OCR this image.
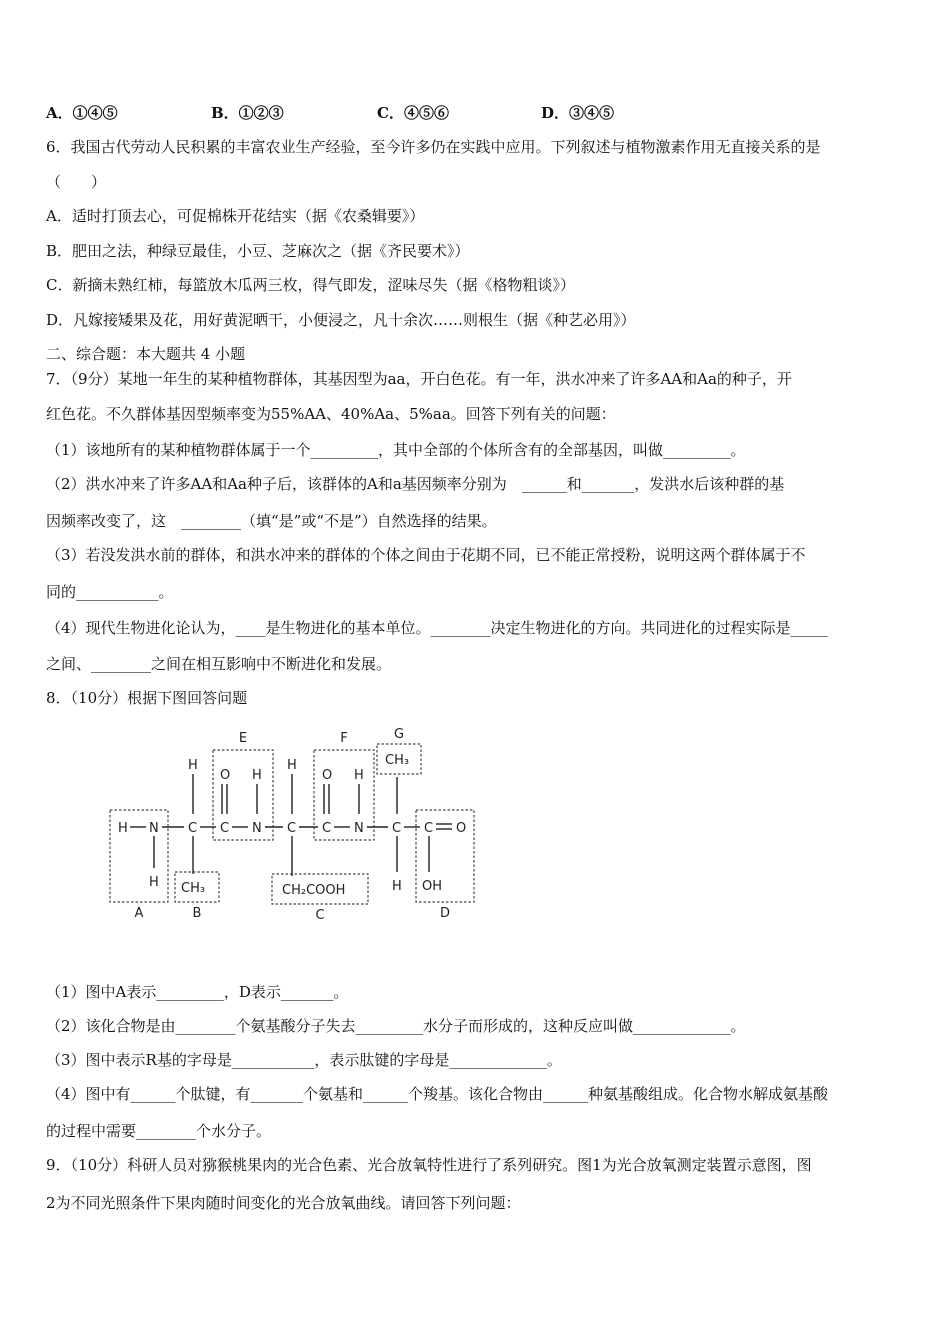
A．①④⑤	B．①②③	C．④⑤⑥	D．③④⑤
6．我国古代劳动人民积累的丰富农业生产经验，至今许多仍在实践中应用。下列叙述与植物激素作用无直接关系的是
（　　）
A．适时打顶去心，可促棉株开花结实（据《农桑辑要》）
B．肥田之法，种绿豆最佳，小豆、芝麻次之（据《齐民要术》）
C．新摘未熟红柿，每篮放木瓜两三枚，得气即发，涩味尽失（据《格物粗谈》）
D．凡嫁接矮果及花，用好黄泥晒干，小便浸之，凡十余次……则根生（据《种艺必用》）
二、综合题：本大题共 4 小题
7．（9分）某地一年生的某种植物群体，其基因型为aa，开白色花。有一年，洪水冲来了许多AA和Aa的种子，开
红色花。不久群体基因型频率变为55%AA、40%Aa、5%aa。回答下列有关的问题：
（1）该地所有的某种植物群体属于一个_________，其中全部的个体所含有的全部基因，叫做_________。
（2）洪水冲来了许多AA和Aa种子后，该群体的A和a基因频率分别为　______和_______，发洪水后该种群的基
因频率改变了，这　________（填“是”或“不是”）自然选择的结果。
（3）若没发洪水前的群体，和洪水冲来的群体的个体之间由于花期不同，已不能正常授粉，说明这两个群体属于不
同的___________。
（4）现代生物进化论认为，____是生物进化的基本单位。________决定生物进化的方向。共同进化的过程实际是_____
之间、________之间在相互影响中不断进化和发展。
8．（10分）根据下图回答问题
A	B	C	D
E	F	G
H N C C N C C N C C O
H
O H
H
O H
CH₃
H CH₃	CH₂COOH	H OH
（1）图中A表示_________，D表示_______。
（2）该化合物是由________个氨基酸分子失去_________水分子而形成的，这种反应叫做_____________。
（3）图中表示R基的字母是___________，表示肽键的字母是_____________。
（4）图中有______个肽键，有_______个氨基和______个羧基。该化合物由______种氨基酸组成。化合物水解成氨基酸
的过程中需要________个水分子。
9．（10分）科研人员对猕猴桃果肉的光合色素、光合放氧特性进行了系列研究。图1为光合放氧测定装置示意图，图
2为不同光照条件下果肉随时间变化的光合放氧曲线。请回答下列问题：
